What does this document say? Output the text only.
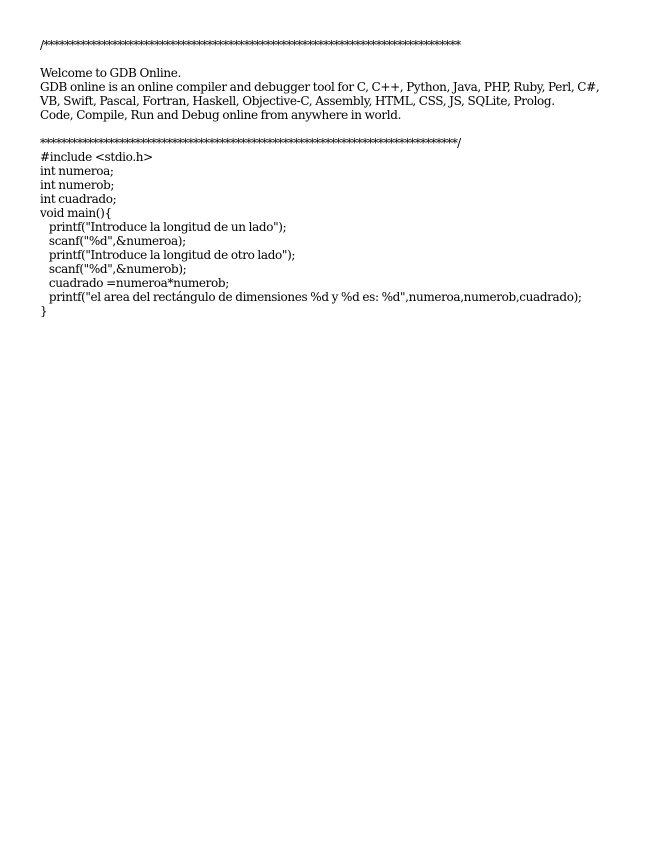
/*******************************************************************************
Welcome to GDB Online.
GDB online is an online compiler and debugger tool for C, C++, Python, Java, PHP, Ruby, Perl, C#, VB, Swift, Pascal, Fortran, Haskell, Objective-C, Assembly, HTML, CSS, JS, SQLite, Prolog.
Code, Compile, Run and Debug online from anywhere in world.
*******************************************************************************/
#include <stdio.h>
int numeroa;
int numerob;
int cuadrado;
void main(){
printf("Introduce la longitud de un lado");
scanf("%d",&numeroa);
printf("Introduce la longitud de otro lado");
scanf("%d",&numerob);
cuadrado =numeroa*numerob;
printf("el area del rectángulo de dimensiones %d y %d es: %d",numeroa,numerob,cuadrado);
}
